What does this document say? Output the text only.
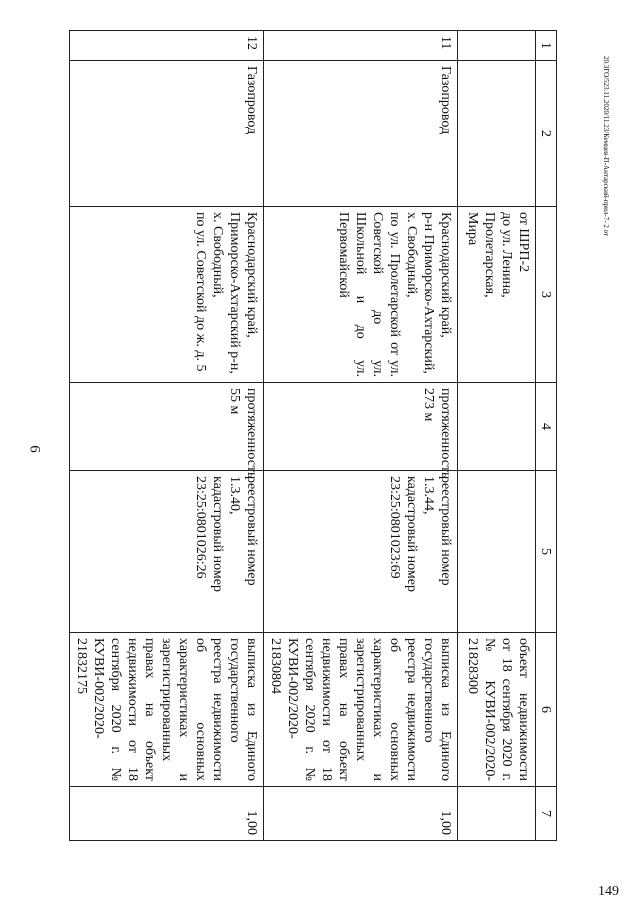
6
20.ЗГО/523.11.2020/11.23/Кемцев-П-Антарский-прил-7- 2 от
149
1	2	3	4	5	6	7
		от ШРП-2
до ул. Ленина,
Пролетарская,
Мира			объект недвижимости от 18 сентября 2020 г. № КУВИ-002/2020-21828300	
11	Газопровод	Краснодарский край,
р-н Приморско-Ахтарский,
х. Свободный,
по ул. Пролетарской от ул. Советской до ул. Школьной и до ул. Первомайской	протяженность 273 м	реестровый номер 1.3.44,
кадастровый номер 23:25:0801023:69	выписка из Единого государственного реестра недвижимости об основных характеристиках и зарегистрированных правах на объект недвижимости от 18 сентября 2020 г. № КУВИ-002/2020-21830804	1,00
12	Газопровод	Краснодарский край,
Приморско-Ахтарский р-н,
х. Свободный,
по ул. Советской до ж. д. 5	протяженность 55 м	реестровый номер 1.3.40,
кадастровый номер 23:25:0801026:26	выписка из Единого государственного реестра недвижимости об основных характеристиках и зарегистрированных правах на объект недвижимости от 18 сентября 2020 г. № КУВИ-002/2020-21832175	1,00
